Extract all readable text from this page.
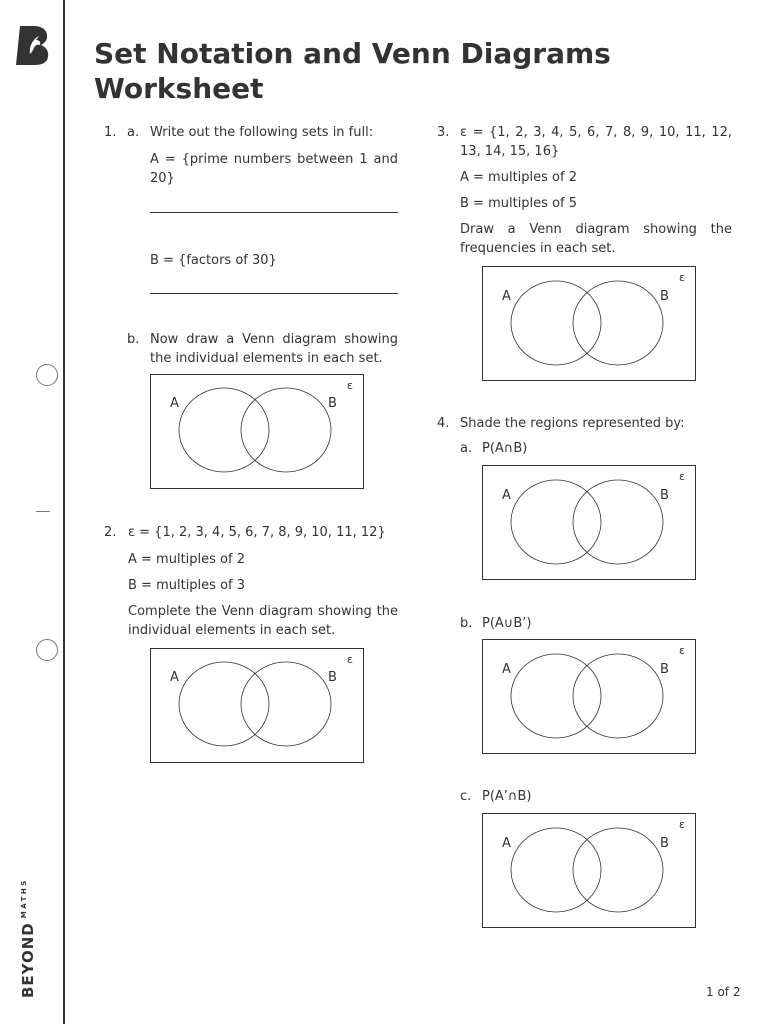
$BEYOND^{MATHS}$
Set Notation and Venn Diagrams Worksheet
1. a. Write out the following sets in full:
A = {prime numbers between 1 and 20}
B = {factors of 30}
b. Now draw a Venn diagram showing the individual elements in each set.
A	B
ε
2. ε = {1, 2, 3, 4, 5, 6, 7, 8, 9, 10, 11, 12}
A = multiples of 2
B = multiples of 3
Complete the Venn diagram showing the individual elements in each set.
A	B
ε
3. ε = {1, 2, 3, 4, 5, 6, 7, 8, 9, 10, 11, 12, 13, 14, 15, 16}
A = multiples of 2
B = multiples of 5
Draw a Venn diagram showing the frequencies in each set.
A	B
ε
4. Shade the regions represented by:
a. P(A∩B)
A	B
ε
b. P(A∪B’)
A	B
ε
c. P(A’∩B)
A	B
ε
1 of 2
